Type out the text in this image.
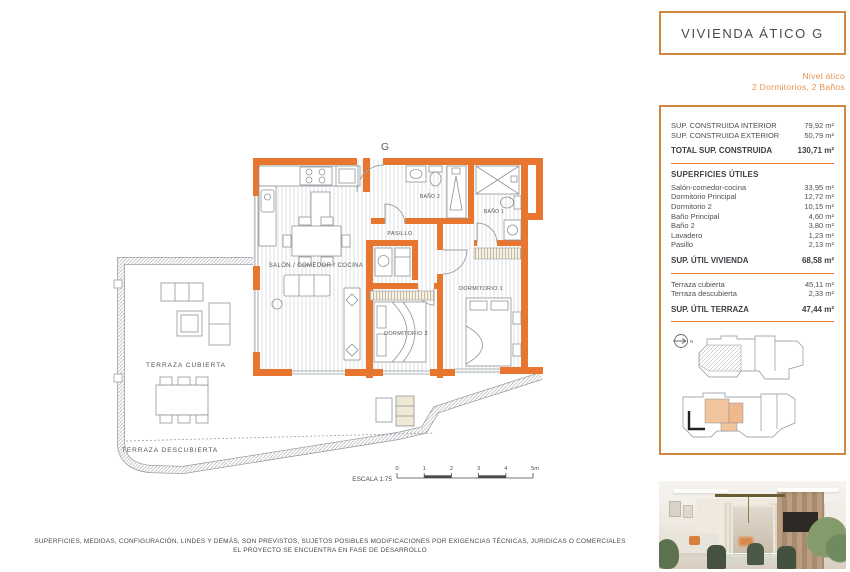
G
SALÓN / COMEDOR / COCINA
PASILLO
BAÑO 2
BAÑO 1
DORMITORIO 1
DORMITORIO 2
TERRAZA CUBIERTA
TERRAZA DESCUBIERTA
ESCALA 1:75
0	1	2	3	4	5m
VIVIENDA ÁTICO G
Nivel ático
2 Dormitorios, 2 Baños
SUP. CONSTRUIDA INTERIOR	79,92 m²
SUP. CONSTRUIDA EXTERIOR	50,79 m²
TOTAL SUP. CONSTRUIDA	130,71 m²
SUPERFICIES ÚTILES
Salón-comedor-cocina	33,95 m²
Dormitorio Principal	12,72 m²
Dormitorio 2	10,15 m²
Baño Principal	4,60 m²
Baño 2	3,80 m²
Lavadero	1,23 m²
Pasillo	2,13 m²
SUP. ÚTIL VIVIENDA	68,58 m²
Terraza cubierta	45,11 m²
Terraza descubierta	2,33 m²
SUP. ÚTIL TERRAZA	47,44 m²
N
SUPERFICIES, MEDIDAS, CONFIGURACIÓN, LINDES Y DEMÁS, SON PREVISTOS, SUJETOS POSIBLES MODIFICACIONES POR EXIGENCIAS TÉCNICAS, JURIDICAS O COMERCIALES
EL PROYECTO SE ENCUENTRA EN FASE DE DESARROLLO
